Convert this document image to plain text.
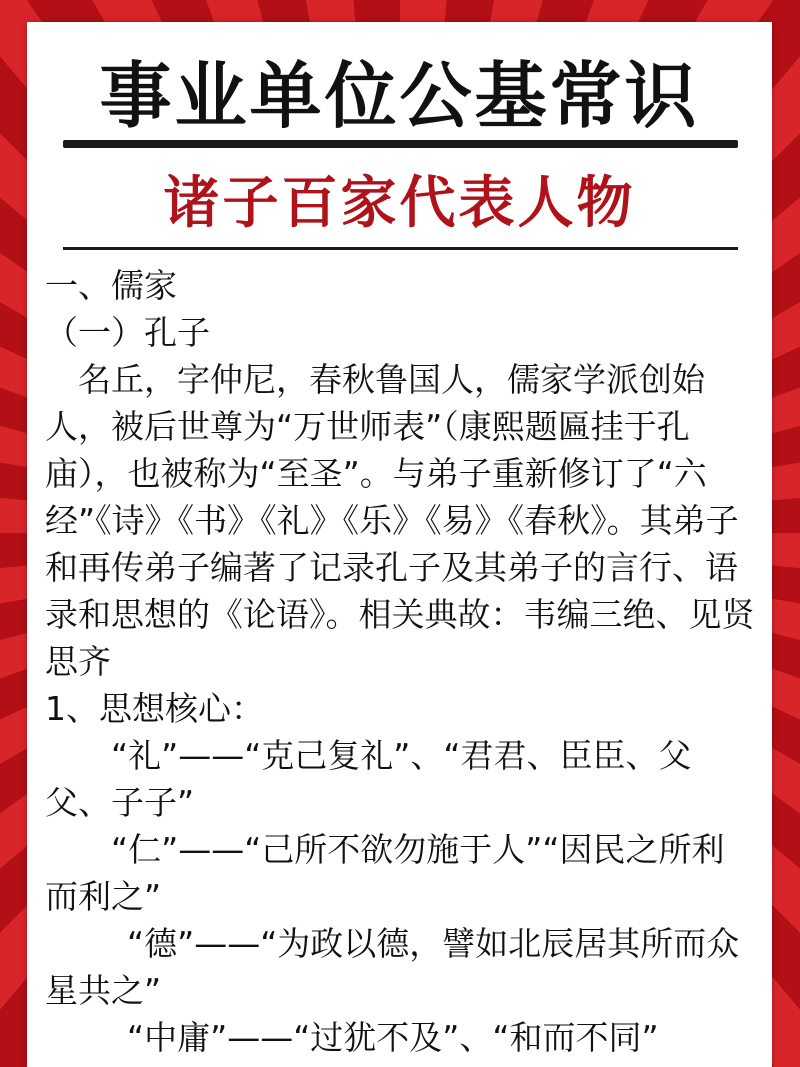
事业单位公基常识
诸子百家代表人物

一、儒家

（一）孔子

名丘，字仲尼，春秋鲁国人，儒家学派创始人，被后世尊为“万世师表”（康熙题匾挂于孔庙），也被称为“至圣”。与弟子重新修订了“六经”《诗》《书》《礼》《乐》《易》《春秋》。其弟子和再传弟子编著了记录孔子及其弟子的言行、语录和思想的《论语》。相关典故：韦编三绝、见贤思齐

1、思想核心：

“礼”——“克己复礼”、“君君、臣臣、父父、子子”

“仁”——“己所不欲勿施于人”“因民之所利而利之”

“德”——“为政以德，譬如北辰居其所而众星共之”

“中庸”——“过犹不及”、“和而不同”
